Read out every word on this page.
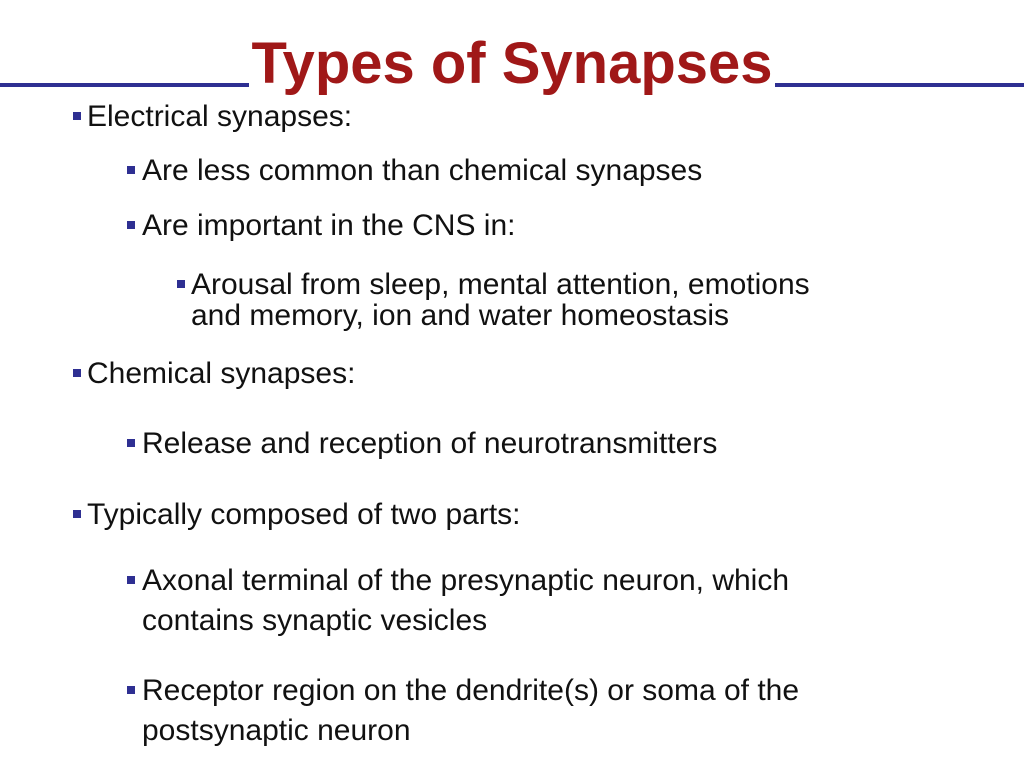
Types of Synapses
Electrical synapses:
Are less common than chemical synapses
Are important in the CNS in:
Arousal from sleep, mental attention, emotions
and memory, ion and water homeostasis
Chemical synapses:
Release and reception of neurotransmitters
Typically composed of two parts:
Axonal terminal of the presynaptic neuron, which
contains synaptic vesicles
Receptor region on the dendrite(s) or soma of the
postsynaptic neuron
